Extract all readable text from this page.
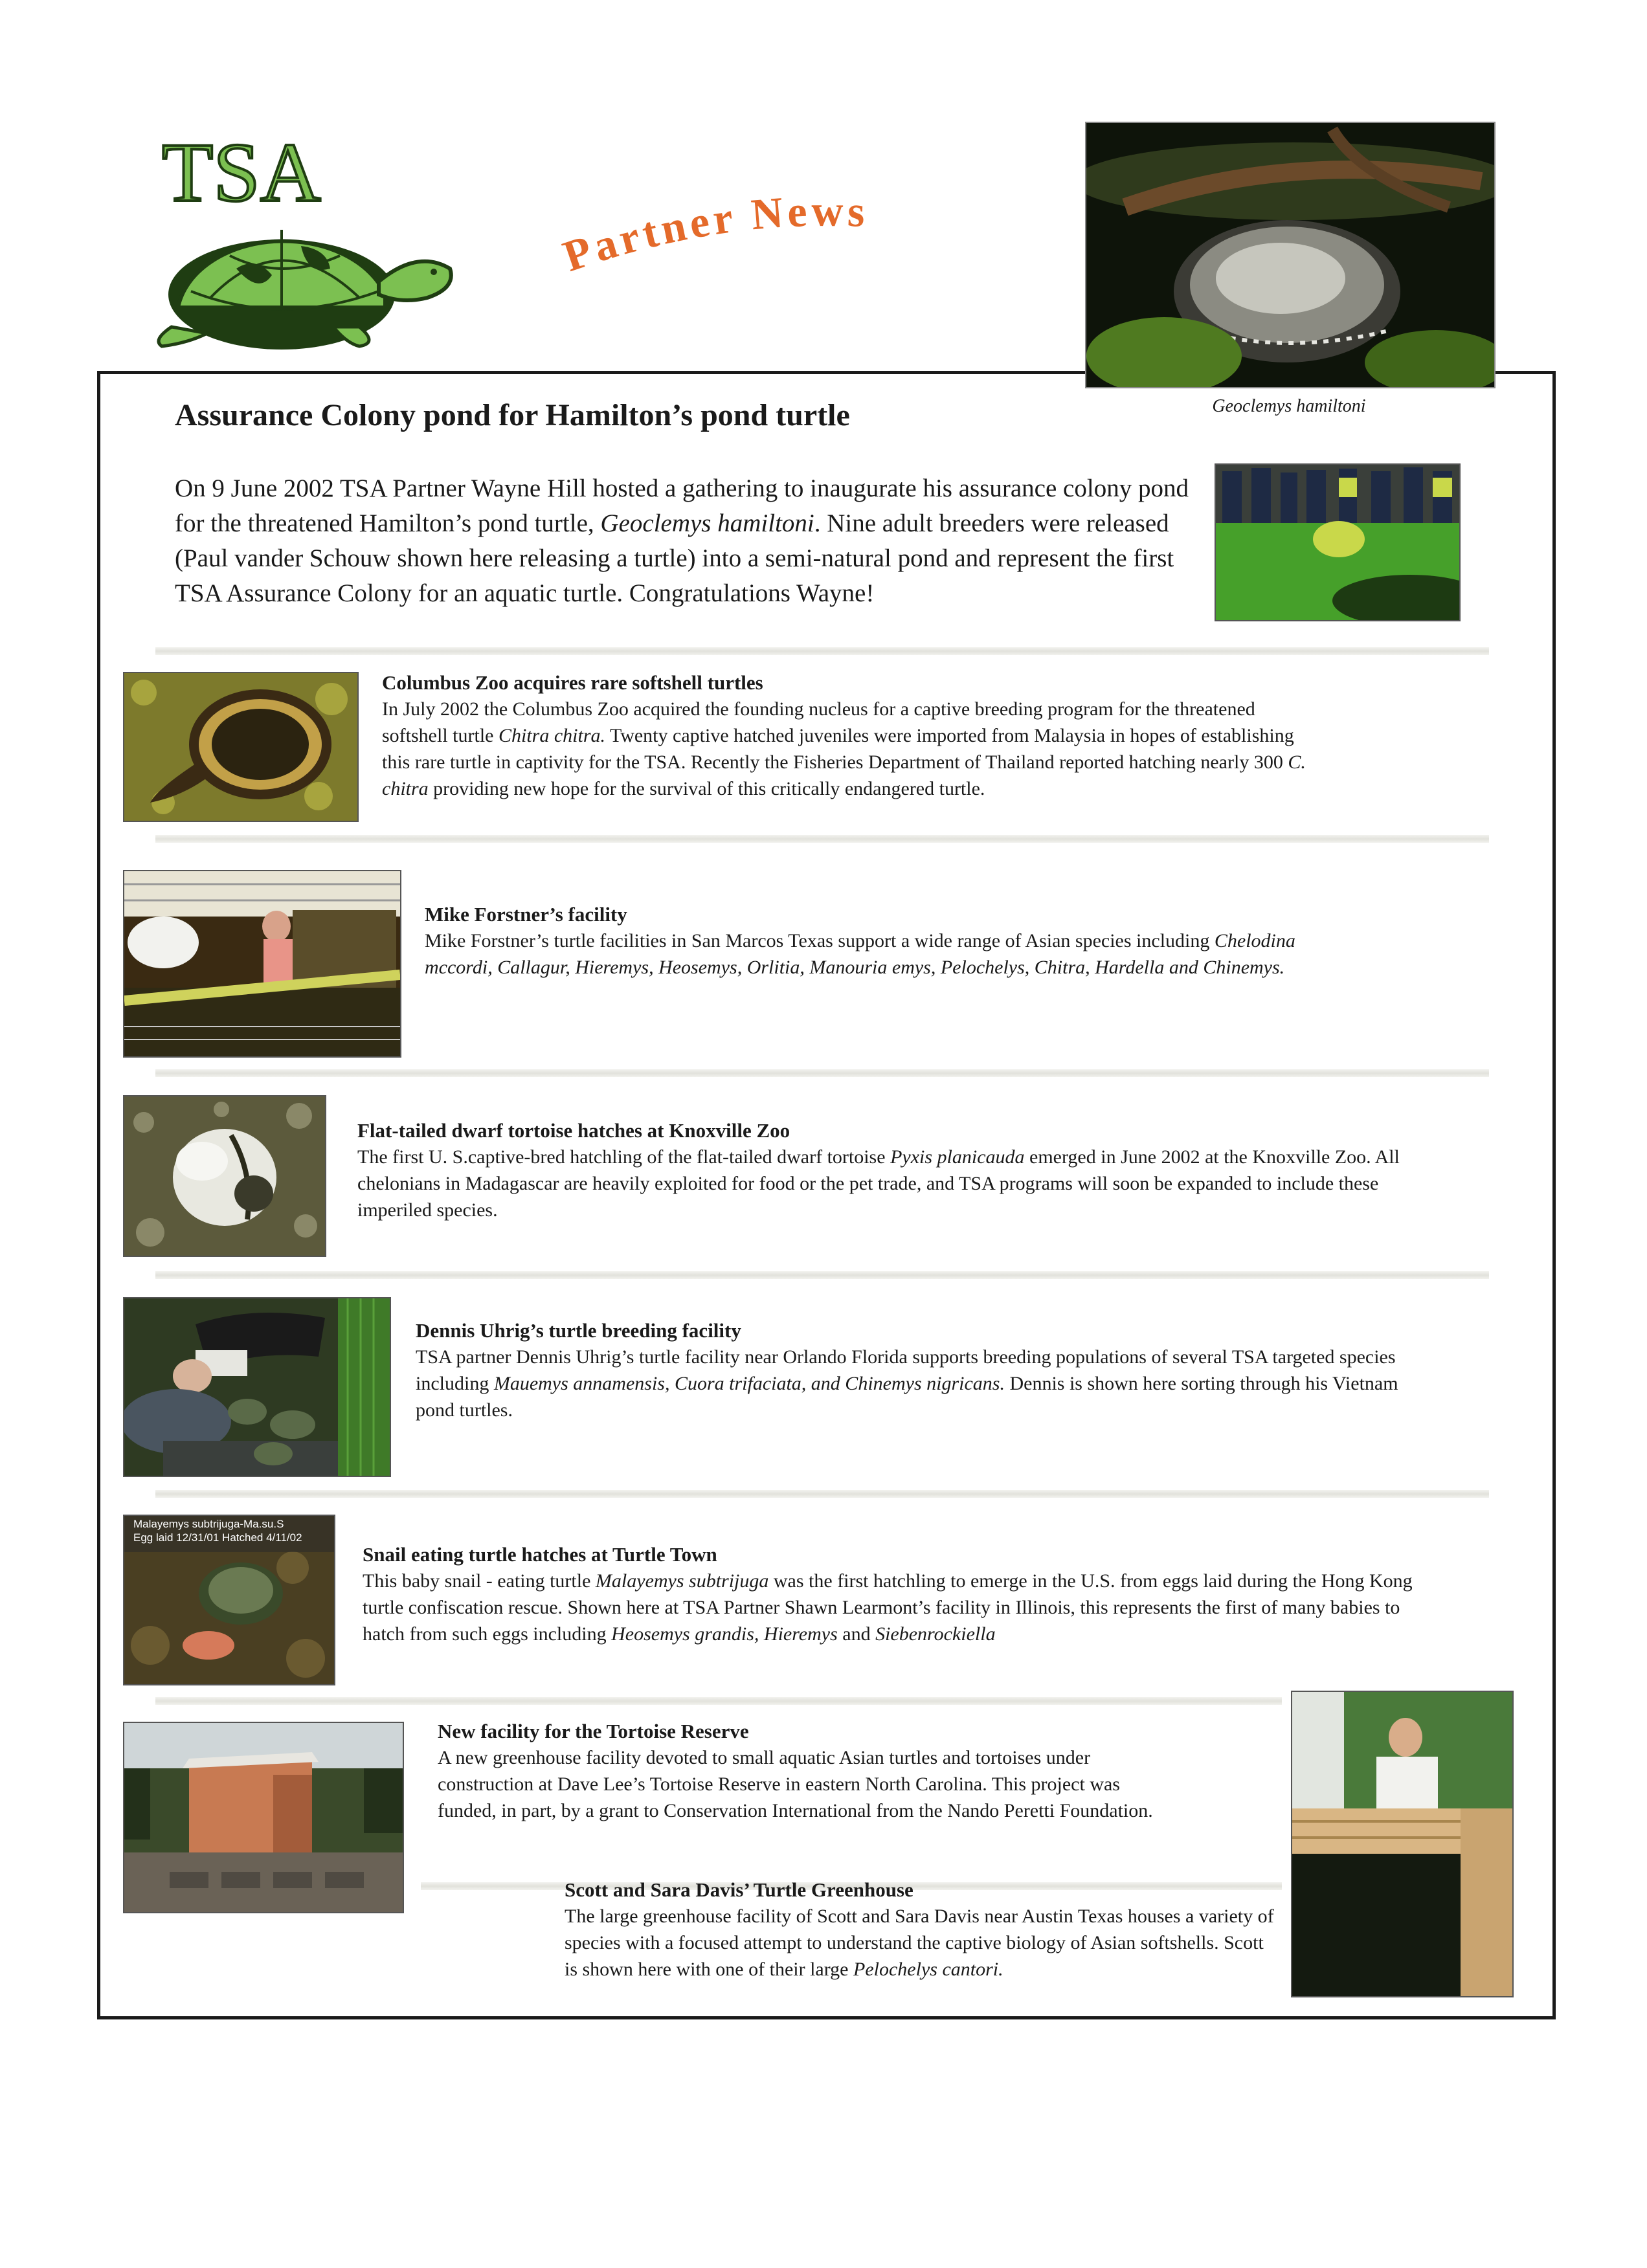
TSA
Partner News
Geoclemys hamiltoni
Assurance Colony pond for Hamilton’s pond turtle

On 9 June 2002 TSA Partner Wayne Hill hosted a gathering to inaugurate his assurance colony pond for the threatened Hamilton’s pond turtle, Geoclemys hamiltoni. Nine adult breeders were released (Paul vander Schouw shown here releasing a turtle) into a semi-natural pond and represent the first TSA Assurance Colony for an aquatic turtle. Congratulations Wayne!

Columbus Zoo acquires rare softshell turtles

In July 2002 the Columbus Zoo acquired the founding nucleus for a captive breeding program for the threatened softshell turtle Chitra chitra. Twenty captive hatched juveniles were imported from Malaysia in hopes of establishing this rare turtle in captivity for the TSA. Recently the Fisheries Department of Thailand reported hatching nearly 300 C. chitra providing new hope for the survival of this critically endangered turtle.

Mike Forstner’s facility

Mike Forstner’s turtle facilities in San Marcos Texas support a wide range of Asian species including Chelodina mccordi, Callagur, Hieremys, Heosemys, Orlitia, Manouria emys, Pelochelys, Chitra, Hardella and Chinemys.

Flat-tailed dwarf tortoise hatches at Knoxville Zoo

The first U. S.captive-bred hatchling of the flat-tailed dwarf tortoise Pyxis planicauda emerged in June 2002 at the Knoxville Zoo. All chelonians in Madagascar are heavily exploited for food or the pet trade, and TSA programs will soon be expanded to include these imperiled species.

Dennis Uhrig’s turtle breeding facility

TSA partner Dennis Uhrig’s turtle facility near Orlando Florida supports breeding populations of several TSA targeted species including Mauemys annamensis, Cuora trifaciata, and Chinemys nigricans. Dennis is shown here sorting through his Vietnam pond turtles.

Malayemys subtrijuga-Ma.su.S
Egg laid 12/31/01 Hatched 4/11/02

Snail eating turtle hatches at Turtle Town

This baby snail - eating turtle Malayemys subtrijuga was the first hatchling to emerge in the U.S. from eggs laid during the Hong Kong turtle confiscation rescue. Shown here at TSA Partner Shawn Learmont’s facility in Illinois, this represents the first of many babies to hatch from such eggs including Heosemys grandis, Hieremys and Siebenrockiella

New facility for the Tortoise Reserve

A new greenhouse facility devoted to small aquatic Asian turtles and tortoises under construction at Dave Lee’s Tortoise Reserve in eastern North Carolina. This project was funded, in part, by a grant to Conservation International from the Nando Peretti Foundation.

Scott and Sara Davis’ Turtle Greenhouse

The large greenhouse facility of Scott and Sara Davis near Austin Texas houses a variety of species with a focused attempt to understand the captive biology of Asian softshells. Scott is shown here with one of their large Pelochelys cantori.
